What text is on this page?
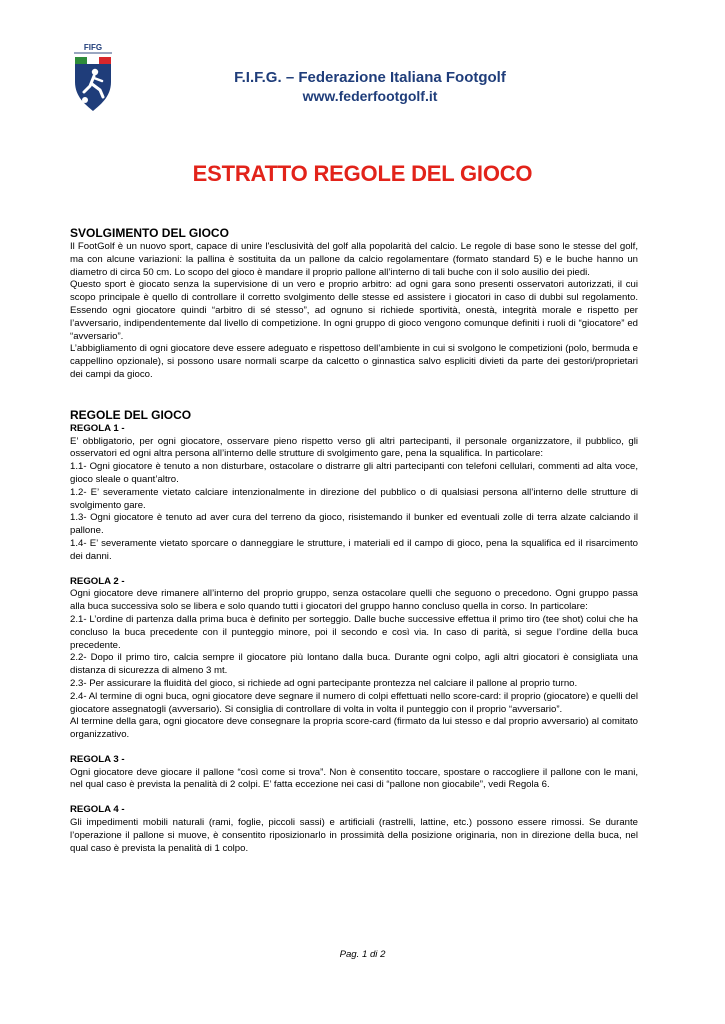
FIFG
F.I.F.G. – Federazione Italiana Footgolf
www.federfootgolf.it
ESTRATTO REGOLE DEL GIOCO
SVOLGIMENTO DEL GIOCO

Il FootGolf è un nuovo sport, capace di unire l'esclusività del golf alla popolarità del calcio. Le regole di base sono le stesse del golf, ma con alcune variazioni: la pallina è sostituita da un pallone da calcio regolamentare (formato standard 5) e le buche hanno un diametro di circa 50 cm. Lo scopo del gioco è mandare il proprio pallone all’interno di tali buche con il solo ausilio dei piedi.

Questo sport è giocato senza la supervisione di un vero e proprio arbitro: ad ogni gara sono presenti osservatori autorizzati, il cui scopo principale è quello di controllare il corretto svolgimento delle stesse ed assistere i giocatori in caso di dubbi sul regolamento. Essendo ogni giocatore quindi “arbitro di sé stesso”, ad ognuno si richiede sportività, onestà, integrità morale e rispetto per l’avversario, indipendentemente dal livello di competizione. In ogni gruppo di gioco vengono comunque definiti i ruoli di “giocatore” ed “avversario”.

L’abbigliamento di ogni giocatore deve essere adeguato e rispettoso dell’ambiente in cui si svolgono le competizioni (polo, bermuda e cappellino opzionale), si possono usare normali scarpe da calcetto o ginnastica salvo espliciti divieti da parte dei gestori/proprietari dei campi da gioco.

REGOLE DEL GIOCO
REGOLA 1 -

E’ obbligatorio, per ogni giocatore, osservare pieno rispetto verso gli altri partecipanti, il personale organizzatore, il pubblico, gli osservatori ed ogni altra persona all’interno delle strutture di svolgimento gare, pena la squalifica. In particolare:

1.1- Ogni giocatore è tenuto a non disturbare, ostacolare o distrarre gli altri partecipanti con telefoni cellulari, commenti ad alta voce, gioco sleale o quant’altro.

1.2- E’ severamente vietato calciare intenzionalmente in direzione del pubblico o di qualsiasi persona all’interno delle strutture di svolgimento gare.

1.3- Ogni giocatore è tenuto ad aver cura del terreno da gioco, risistemando il bunker ed eventuali zolle di terra alzate calciando il pallone.

1.4- E’ severamente vietato sporcare o danneggiare le strutture, i materiali ed il campo di gioco, pena la squalifica ed il risarcimento dei danni.

REGOLA 2 -

Ogni giocatore deve rimanere all’interno del proprio gruppo, senza ostacolare quelli che seguono o precedono. Ogni gruppo passa alla buca successiva solo se libera e solo quando tutti i giocatori del gruppo hanno concluso quella in corso. In particolare:

2.1- L’ordine di partenza dalla prima buca è definito per sorteggio. Dalle buche successive effettua il primo tiro (tee shot) colui che ha concluso la buca precedente con il punteggio minore, poi il secondo e così via. In caso di parità, si segue l’ordine della buca precedente.

2.2- Dopo il primo tiro, calcia sempre il giocatore più lontano dalla buca. Durante ogni colpo, agli altri giocatori è consigliata una distanza di sicurezza di almeno 3 mt.

2.3- Per assicurare la fluidità del gioco, si richiede ad ogni partecipante prontezza nel calciare il pallone al proprio turno.

2.4- Al termine di ogni buca, ogni giocatore deve segnare il numero di colpi effettuati nello score-card: il proprio (giocatore) e quelli del giocatore assegnatogli (avversario). Si consiglia di controllare di volta in volta il punteggio con il proprio “avversario”.

Al termine della gara, ogni giocatore deve consegnare la propria score-card (firmato da lui stesso e dal proprio avversario) al comitato organizzativo.

REGOLA 3 -

Ogni giocatore deve giocare il pallone “così come si trova”. Non è consentito toccare, spostare o raccogliere il pallone con le mani, nel qual caso è prevista la penalità di 2 colpi. E’ fatta eccezione nei casi di “pallone non giocabile”, vedi Regola 6.

REGOLA 4 -

Gli impedimenti mobili naturali (rami, foglie, piccoli sassi) e artificiali (rastrelli, lattine, etc.) possono essere rimossi. Se durante l’operazione il pallone si muove, è consentito riposizionarlo in prossimità della posizione originaria, non in direzione della buca, nel qual caso è prevista la penalità di 1 colpo.

Pag. 1 di 2
